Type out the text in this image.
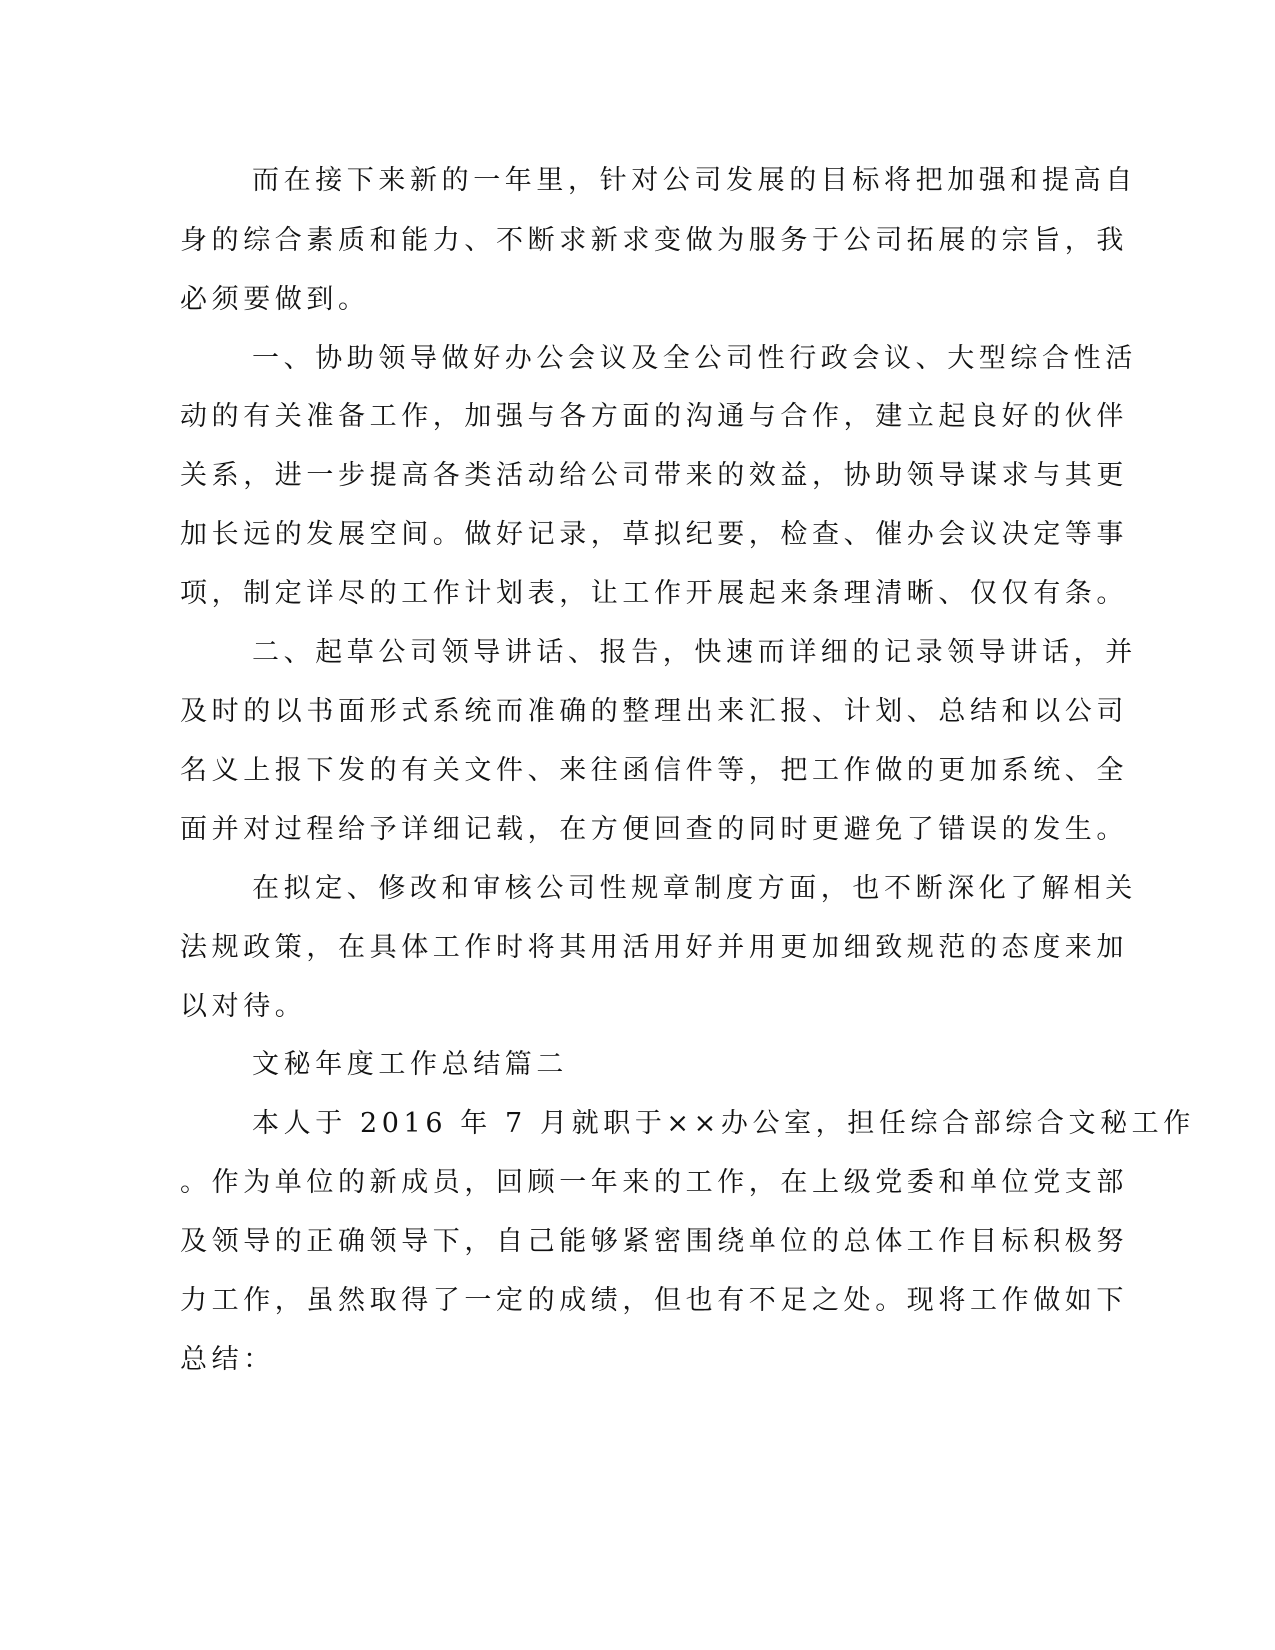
而在接下来新的一年里，针对公司发展的目标将把加强和提高自

身的综合素质和能力、不断求新求变做为服务于公司拓展的宗旨，我

必须要做到。

一、协助领导做好办公会议及全公司性行政会议、大型综合性活

动的有关准备工作，加强与各方面的沟通与合作，建立起良好的伙伴

关系，进一步提高各类活动给公司带来的效益，协助领导谋求与其更

加长远的发展空间。做好记录，草拟纪要，检查、催办会议决定等事

项，制定详尽的工作计划表，让工作开展起来条理清晰、仅仅有条。

二、起草公司领导讲话、报告，快速而详细的记录领导讲话，并

及时的以书面形式系统而准确的整理出来汇报、计划、总结和以公司

名义上报下发的有关文件、来往函信件等，把工作做的更加系统、全

面并对过程给予详细记载，在方便回查的同时更避免了错误的发生。

在拟定、修改和审核公司性规章制度方面，也不断深化了解相关

法规政策，在具体工作时将其用活用好并用更加细致规范的态度来加

以对待。

文秘年度工作总结篇二

本人于 2016 年 7 月就职于××办公室，担任综合部综合文秘工作

。作为单位的新成员，回顾一年来的工作，在上级党委和单位党支部

及领导的正确领导下，自己能够紧密围绕单位的总体工作目标积极努

力工作，虽然取得了一定的成绩，但也有不足之处。现将工作做如下

总结：
